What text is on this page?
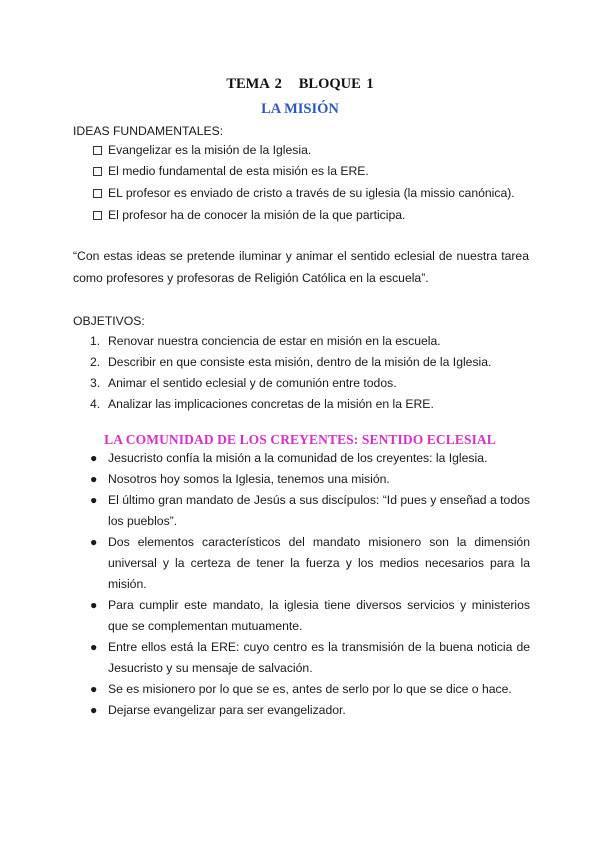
TEMA 2   BLOQUE 1
LA MISIÓN
IDEAS FUNDAMENTALES:
Evangelizar es la misión de la Iglesia.
El medio fundamental de esta misión es la ERE.
EL profesor es enviado de cristo a través de su iglesia (la missio canónica).
El profesor ha de conocer la misión de la que participa.
“Con estas ideas se pretende iluminar y animar el sentido eclesial de nuestra tarea como profesores y profesoras de Religión Católica en la escuela”.
OBJETIVOS:
1. Renovar nuestra conciencia de estar en misión en la escuela.
2. Describir en que consiste esta misión, dentro de la misión de la Iglesia.
3. Animar el sentido eclesial y de comunión entre todos.
4. Analizar las implicaciones concretas de la misión en la ERE.
LA COMUNIDAD DE LOS CREYENTES: SENTIDO ECLESIAL
● Jesucristo confía la misión a la comunidad de los creyentes: la Iglesia.
● Nosotros hoy somos la Iglesia, tenemos una misión.
● El último gran mandato de Jesús a sus discípulos: “Id pues y enseñad a todos los pueblos”.
● Dos elementos característicos del mandato misionero son la dimensión universal y la certeza de tener la fuerza y los medios necesarios para la misión.
● Para cumplir este mandato, la iglesia tiene diversos servicios y ministerios que se complementan mutuamente.
● Entre ellos está la ERE: cuyo centro es la transmisión de la buena noticia de Jesucristo y su mensaje de salvación.
● Se es misionero por lo que se es, antes de serlo por lo que se dice o hace.
● Dejarse evangelizar para ser evangelizador.
